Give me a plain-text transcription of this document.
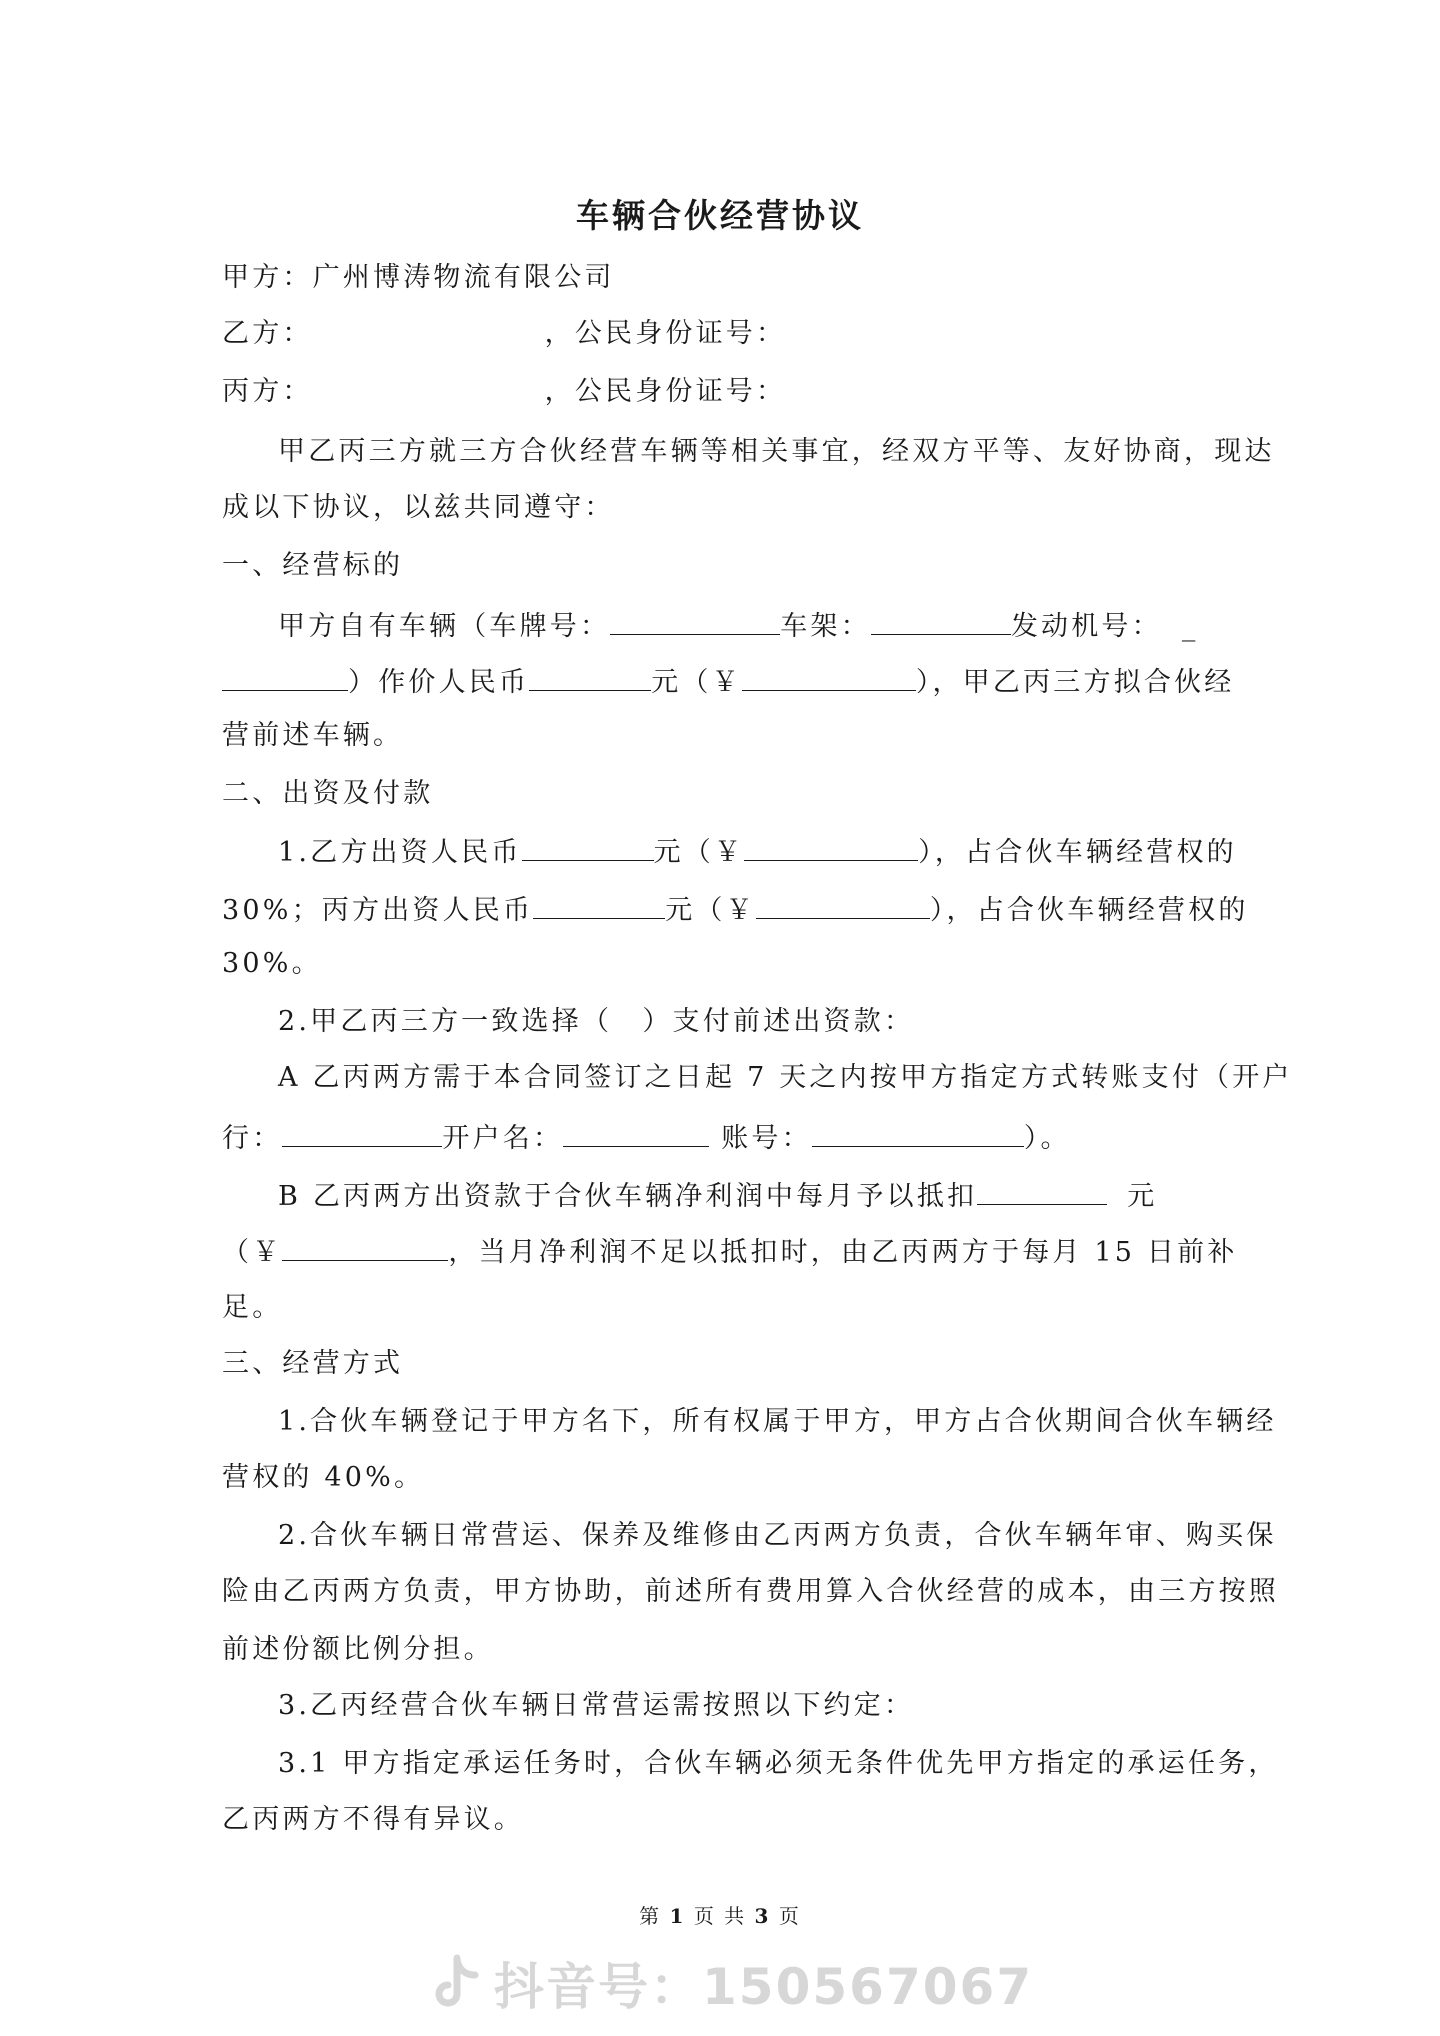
车辆合伙经营协议
甲方：广州博涛物流有限公司
乙方：	，公民身份证号：
丙方：	，公民身份证号：
甲乙丙三方就三方合伙经营车辆等相关事宜，经双方平等、友好协商，现达
成以下协议，以兹共同遵守：
一、经营标的
甲方自有车辆（车牌号：	车架：	发动机号： _
）作价人民币	元（￥	），甲乙丙三方拟合伙经
营前述车辆。
二、出资及付款
1.乙方出资人民币	元（￥	），占合伙车辆经营权的
30%；丙方出资人民币	元（￥	），占合伙车辆经营权的
30%。
2.甲乙丙三方一致选择（　）支付前述出资款：
A 乙丙两方需于本合同签订之日起 7 天之内按甲方指定方式转账支付（开户
行：	开户名：	账号：	）。
B 乙丙两方出资款于合伙车辆净利润中每月予以抵扣	元
（￥	，当月净利润不足以抵扣时，由乙丙两方于每月 15 日前补
足。
三、经营方式
1.合伙车辆登记于甲方名下，所有权属于甲方，甲方占合伙期间合伙车辆经
营权的 40%。
2.合伙车辆日常营运、保养及维修由乙丙两方负责，合伙车辆年审、购买保
险由乙丙两方负责，甲方协助，前述所有费用算入合伙经营的成本，由三方按照
前述份额比例分担。
3.乙丙经营合伙车辆日常营运需按照以下约定：
3.1 甲方指定承运任务时，合伙车辆必须无条件优先甲方指定的承运任务，
乙丙两方不得有异议。
第 1 页 共 3 页
抖音号：150567067
